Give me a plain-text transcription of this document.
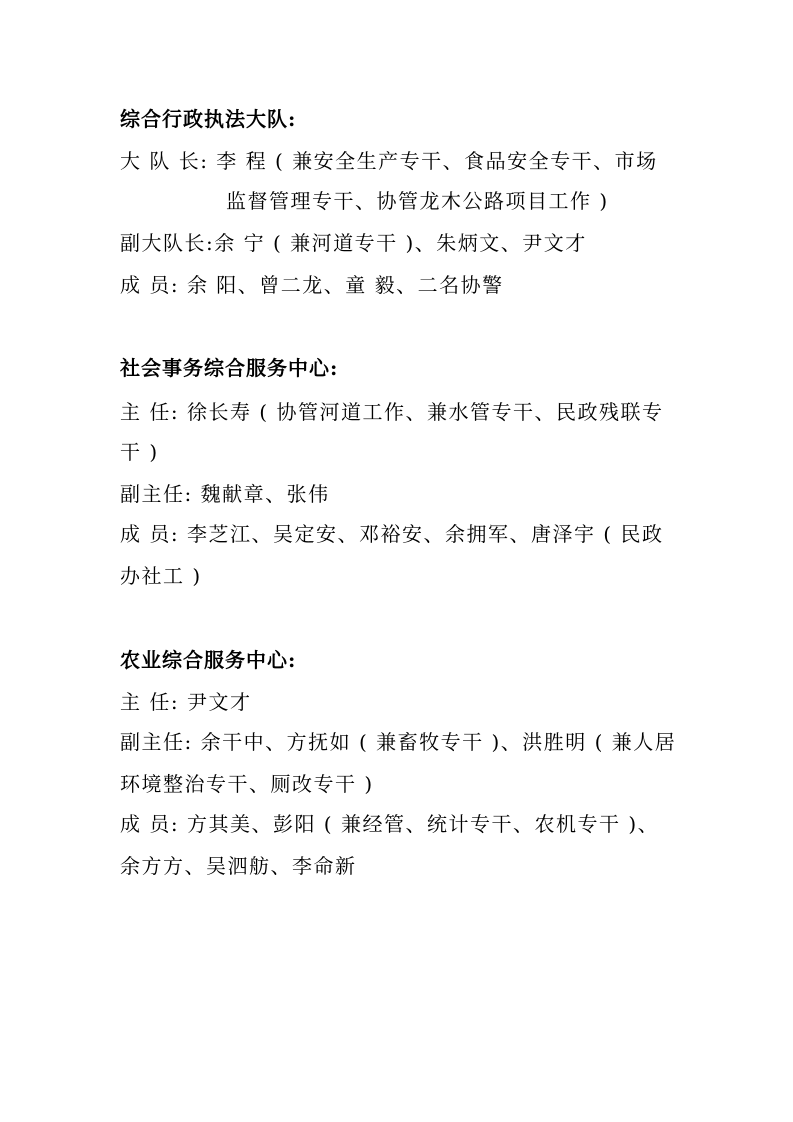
综合行政执法大队:
大 队 长: 李 程 ( 兼安全生产专干、食品安全专干、市场
监督管理专干、协管龙木公路项目工作 )
副大队长:余 宁 ( 兼河道专干 )、朱炳文、尹文才
成 员: 余 阳、曾二龙、童 毅、二名协警
社会事务综合服务中心:
主 任: 徐长寿 ( 协管河道工作、兼水管专干、民政残联专
干 )
副主任: 魏献章、张伟
成 员: 李芝江、吴定安、邓裕安、余拥军、唐泽宇 ( 民政
办社工 )
农业综合服务中心:
主 任: 尹文才
副主任: 余干中、方抚如 ( 兼畜牧专干 )、洪胜明 ( 兼人居
环境整治专干、厕改专干 )
成 员: 方其美、彭阳 ( 兼经管、统计专干、农机专干 )、
余方方、吴泗舫、李命新
